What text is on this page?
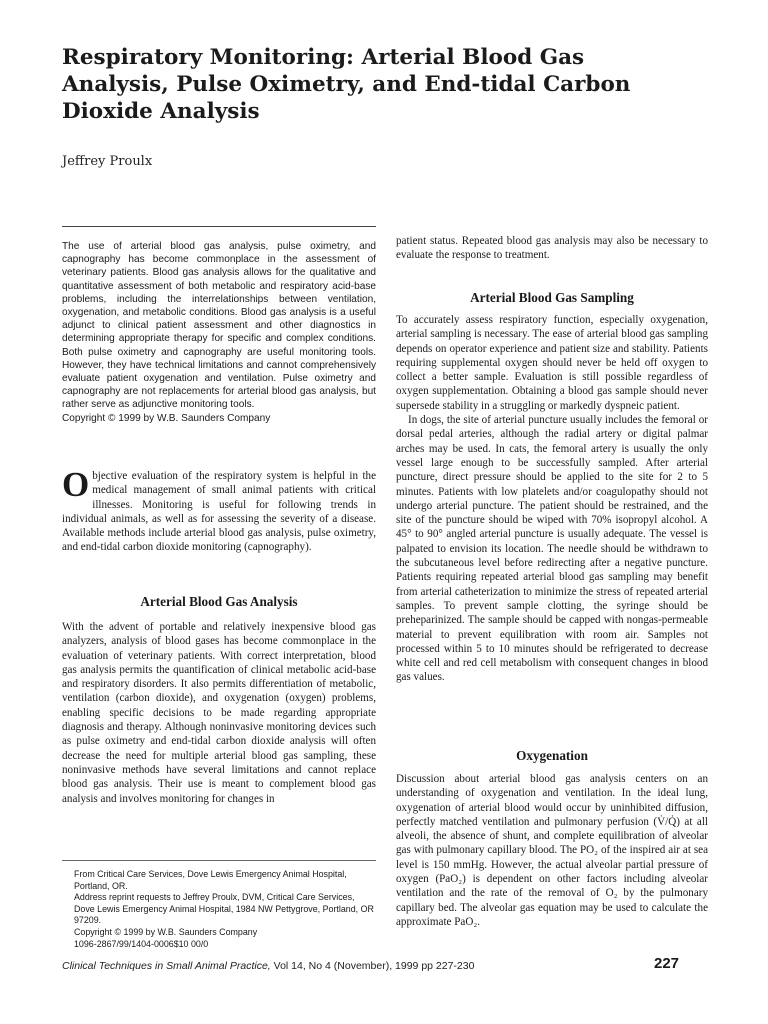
Respiratory Monitoring: Arterial Blood Gas Analysis, Pulse Oximetry, and End-tidal Carbon Dioxide Analysis

Jeffrey Proulx

The use of arterial blood gas analysis, pulse oximetry, and capnography has become commonplace in the assessment of veterinary patients. Blood gas analysis allows for the qualitative and quantitative assessment of both metabolic and respiratory acid-base problems, including the interrelationships between ventilation, oxygenation, and metabolic conditions. Blood gas analysis is a useful adjunct to clinical patient assessment and other diagnostics in determining appropriate therapy for specific and complex conditions. Both pulse oximetry and capnography are useful monitoring tools. However, they have technical limitations and cannot comprehensively evaluate patient oxygenation and ventilation. Pulse oximetry and capnography are not replacements for arterial blood gas analysis, but rather serve as adjunctive monitoring tools.

Copyright © 1999 by W.B. Saunders Company

Objective evaluation of the respiratory system is helpful in the medical management of small animal patients with critical illnesses. Monitoring is useful for following trends in individual animals, as well as for assessing the severity of a disease. Available methods include arterial blood gas analysis, pulse oximetry, and end-tidal carbon dioxide monitoring (capnography).
Arterial Blood Gas Analysis

With the advent of portable and relatively inexpensive blood gas analyzers, analysis of blood gases has become commonplace in the evaluation of veterinary patients. With correct interpretation, blood gas analysis permits the quantification of clinical metabolic acid-base and respiratory disorders. It also permits differentiation of metabolic, ventilation (carbon dioxide), and oxygenation (oxygen) problems, enabling specific decisions to be made regarding appropriate diagnosis and therapy. Although noninvasive monitoring devices such as pulse oximetry and end-tidal carbon dioxide analysis will often decrease the need for multiple arterial blood gas sampling, these noninvasive methods have several limitations and cannot replace blood gas analysis. Their use is meant to complement blood gas analysis and involves monitoring for changes in

From Critical Care Services, Dove Lewis Emergency Animal Hospital, Portland, OR.

Address reprint requests to Jeffrey Proulx, DVM, Critical Care Services, Dove Lewis Emergency Animal Hospital, 1984 NW Pettygrove, Portland, OR 97209.

Copyright © 1999 by W.B. Saunders Company

1096-2867/99/1404-0006$10 00/0

patient status. Repeated blood gas analysis may also be necessary to evaluate the response to treatment.

Arterial Blood Gas Sampling

To accurately assess respiratory function, especially oxygenation, arterial sampling is necessary. The ease of arterial blood gas sampling depends on operator experience and patient size and stability. Patients requiring supplemental oxygen should never be held off oxygen to collect a better sample. Evaluation is still possible regardless of oxygen supplementation. Obtaining a blood gas sample should never supersede stability in a struggling or markedly dyspneic patient.

In dogs, the site of arterial puncture usually includes the femoral or dorsal pedal arteries, although the radial artery or digital palmar arches may be used. In cats, the femoral artery is usually the only vessel large enough to be successfully sampled. After arterial puncture, direct pressure should be applied to the site for 2 to 5 minutes. Patients with low platelets and/or coagulopathy should not undergo arterial puncture. The patient should be restrained, and the site of the puncture should be wiped with 70% isopropyl alcohol. A 45° to 90° angled arterial puncture is usually adequate. The vessel is palpated to envision its location. The needle should be withdrawn to the subcutaneous level before redirecting after a negative puncture. Patients requiring repeated arterial blood gas sampling may benefit from arterial catheterization to minimize the stress of repeated arterial samples. To prevent sample clotting, the syringe should be preheparinized. The sample should be capped with nongas-permeable material to prevent equilibration with room air. Samples not processed within 5 to 10 minutes should be refrigerated to decrease white cell and red cell metabolism with consequent changes in blood gas values.

Oxygenation

Discussion about arterial blood gas analysis centers on an understanding of oxygenation and ventilation. In the ideal lung, oxygenation of arterial blood would occur by uninhibited diffusion, perfectly matched ventilation and pulmonary perfusion (V̇/Q̇) at all alveoli, the absence of shunt, and complete equilibration of alveolar gas with pulmonary capillary blood. The PO₂ of the inspired air at sea level is 150 mmHg. However, the actual alveolar partial pressure of oxygen (PaO₂) is dependent on other factors including alveolar ventilation and the rate of the removal of O₂ by the pulmonary capillary bed. The alveolar gas equation may be used to calculate the approximate PaO₂.

Clinical Techniques in Small Animal Practice, Vol 14, No 4 (November), 1999 pp 227-230	227
